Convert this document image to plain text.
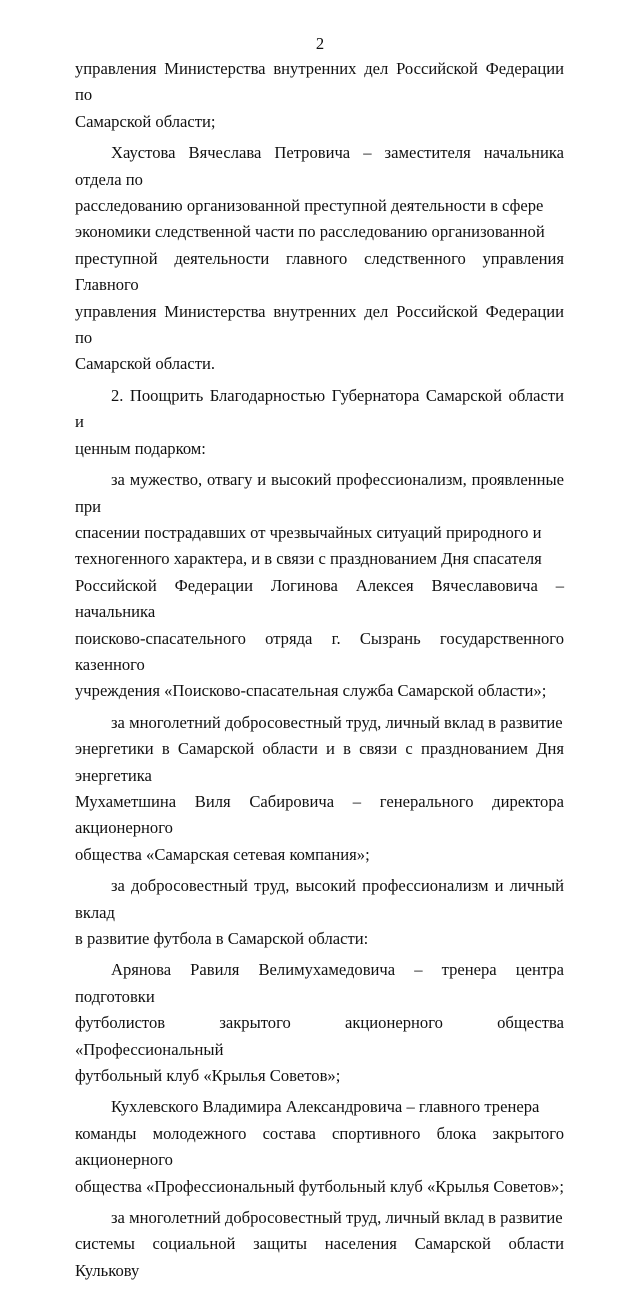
2

управления Министерства внутренних дел Российской Федерации по
Самарской области;

Хаустова Вячеслава Петровича – заместителя начальника отдела по
расследованию организованной преступной деятельности в сфере
экономики следственной части по расследованию организованной
преступной деятельности главного следственного управления Главного
управления Министерства внутренних дел Российской Федерации по
Самарской области.

2. Поощрить Благодарностью Губернатора Самарской области и
ценным подарком:

за мужество, отвагу и высокий профессионализм, проявленные при
спасении пострадавших от чрезвычайных ситуаций природного и
техногенного характера, и в связи с празднованием Дня спасателя
Российской Федерации Логинова Алексея Вячеславовича – начальника
поисково-спасательного отряда г. Сызрань государственного казенного
учреждения «Поисково-спасательная служба Самарской области»;

за многолетний добросовестный труд, личный вклад в развитие
энергетики в Самарской области и в связи с празднованием Дня энергетика
Мухаметшина Виля Сабировича – генерального директора акционерного
общества «Самарская сетевая компания»;

за добросовестный труд, высокий профессионализм и личный вклад
в развитие футбола в Самарской области:

Арянова Равиля Велимухамедовича – тренера центра подготовки
футболистов закрытого акционерного общества «Профессиональный
футбольный клуб «Крылья Советов»;

Кухлевского Владимира Александровича – главного тренера
команды молодежного состава спортивного блока закрытого акционерного
общества «Профессиональный футбольный клуб «Крылья Советов»;

за многолетний добросовестный труд, личный вклад в развитие
системы социальной защиты населения Самарской области Кулькову
